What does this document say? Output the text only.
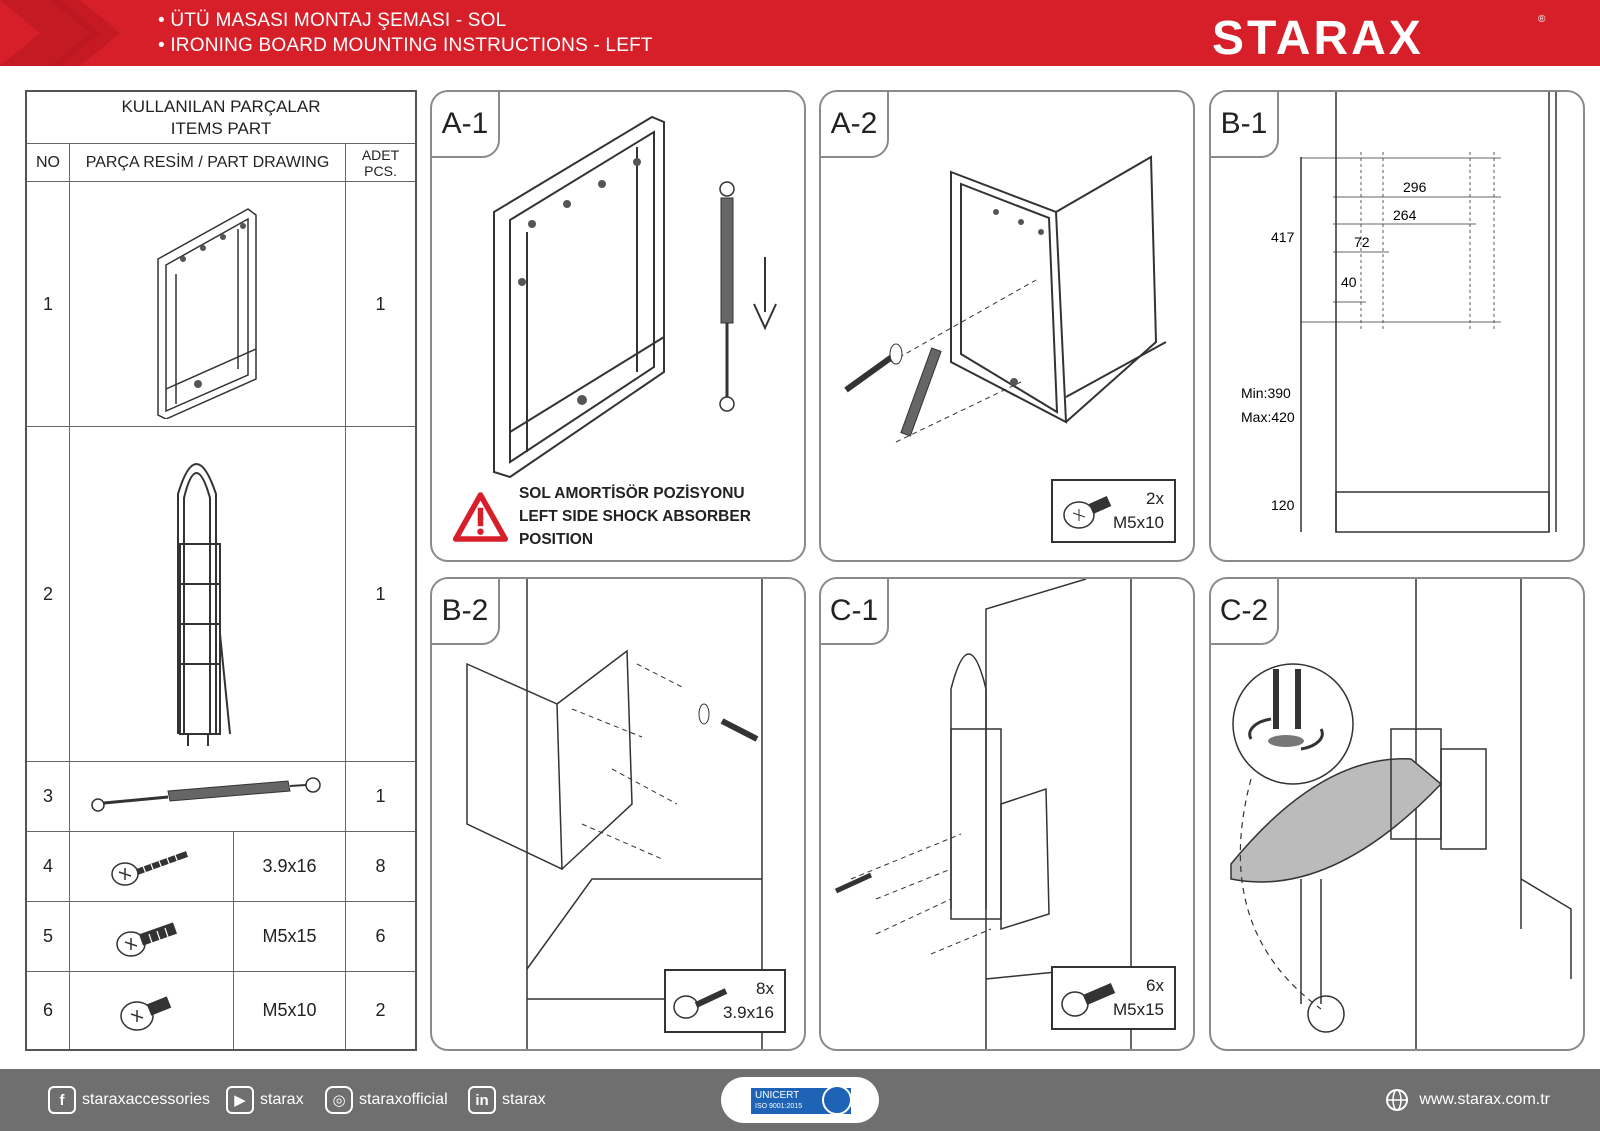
• ÜTÜ MASASI MONTAJ ŞEMASI - SOL
• IRONING BOARD MOUNTING INSTRUCTIONS - LEFT	STARAX	®
KULLANILAN PARÇALAR
ITEMS PART
NO	PARÇA RESİM / PART DRAWING	ADET
PCS.
1	1
2	1
3	1
4	3.9x16	8
5	M5x15	6
6	M5x10	2
A-1
SOL AMORTİSÖR POZİSYONU
LEFT SIDE SHOCK ABSORBER POSITION
A-2
2x
M5x10
B-1
296
264
72
40
417
Min:390
Max:420
120
B-2
8x
3.9x16
C-1
6x
M5x15
C-2
f	staraxaccessories	▶ starax	◎ staraxofficial	in starax	UNICERT
ISO 9001:2015	www.starax.com.tr
